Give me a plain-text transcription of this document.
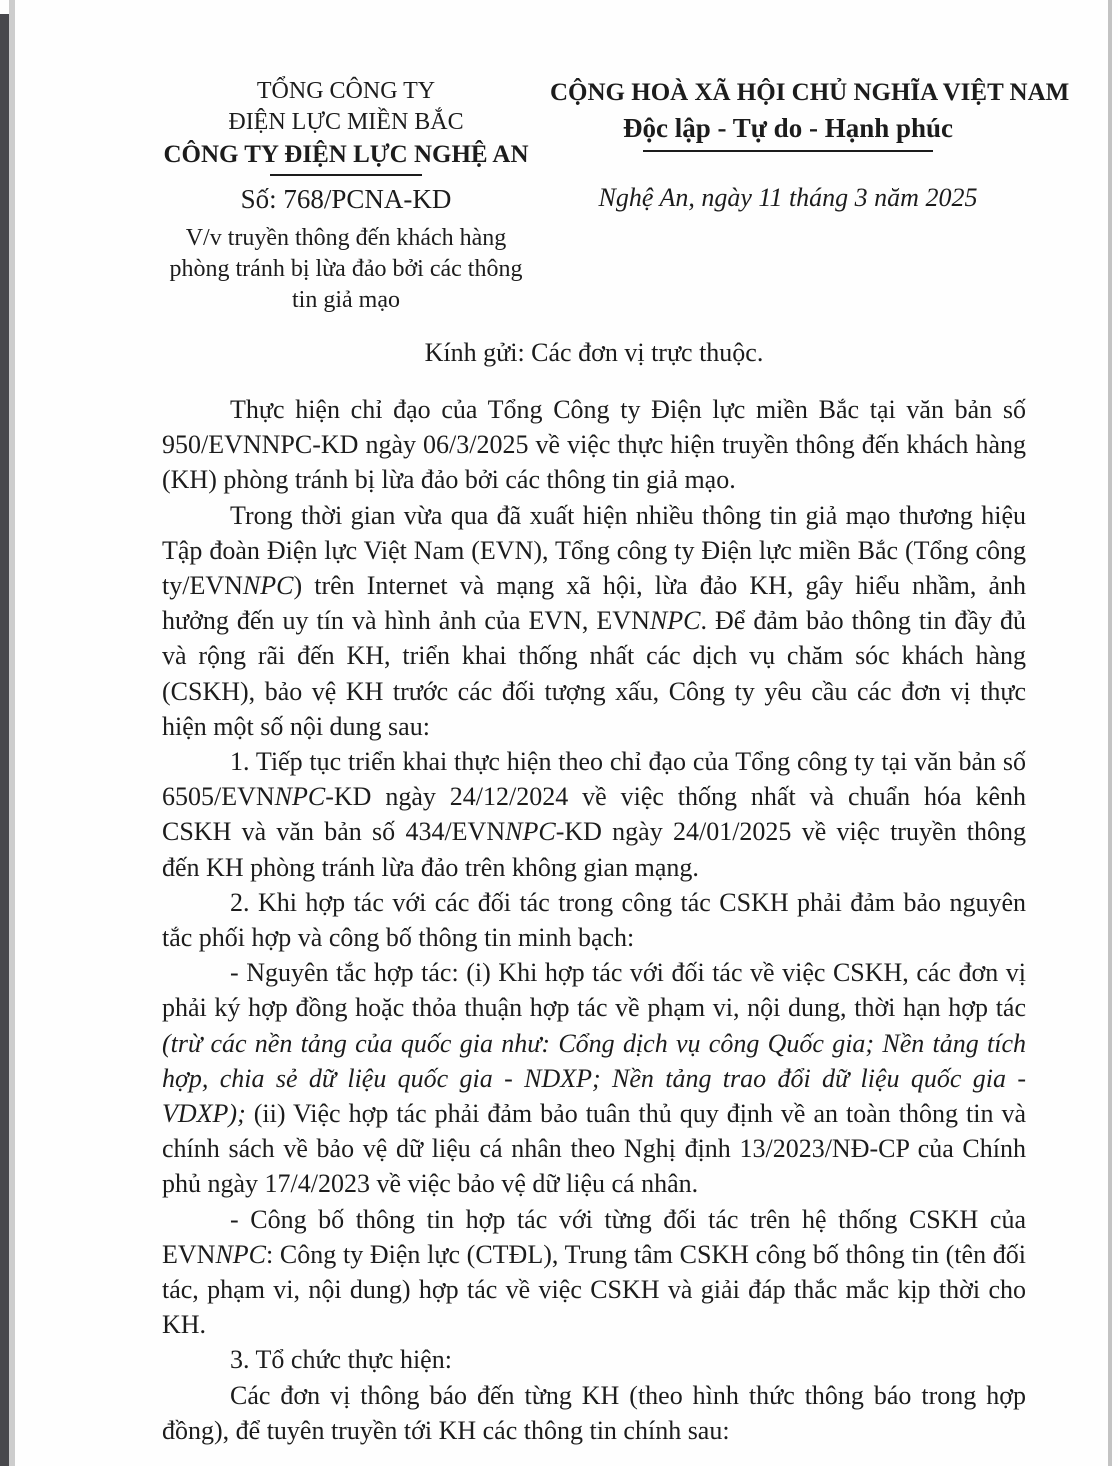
TỔNG CÔNG TY
ĐIỆN LỰC MIỀN BẮC
CÔNG TY ĐIỆN LỰC NGHỆ AN
Số: 768/PCNA-KD
V/v truyền thông đến khách hàng phòng tránh bị lừa đảo bởi các thông tin giả mạo
CỘNG HOÀ XÃ HỘI CHỦ NGHĨA VIỆT NAM
Độc lập - Tự do - Hạnh phúc
Nghệ An, ngày 11 tháng 3 năm 2025
Kính gửi: Các đơn vị trực thuộc.

Thực hiện chỉ đạo của Tổng Công ty Điện lực miền Bắc tại văn bản số 950/EVNNPC-KD ngày 06/3/2025 về việc thực hiện truyền thông đến khách hàng (KH) phòng tránh bị lừa đảo bởi các thông tin giả mạo.

Trong thời gian vừa qua đã xuất hiện nhiều thông tin giả mạo thương hiệu Tập đoàn Điện lực Việt Nam (EVN), Tổng công ty Điện lực miền Bắc (Tổng công ty/EVNNPC) trên Internet và mạng xã hội, lừa đảo KH, gây hiểu nhầm, ảnh hưởng đến uy tín và hình ảnh của EVN, EVNNPC. Để đảm bảo thông tin đầy đủ và rộng rãi đến KH, triển khai thống nhất các dịch vụ chăm sóc khách hàng (CSKH), bảo vệ KH trước các đối tượng xấu, Công ty yêu cầu các đơn vị thực hiện một số nội dung sau:

1. Tiếp tục triển khai thực hiện theo chỉ đạo của Tổng công ty tại văn bản số 6505/EVNNPC-KD ngày 24/12/2024 về việc thống nhất và chuẩn hóa kênh CSKH và văn bản số 434/EVNNPC-KD ngày 24/01/2025 về việc truyền thông đến KH phòng tránh lừa đảo trên không gian mạng.

2. Khi hợp tác với các đối tác trong công tác CSKH phải đảm bảo nguyên tắc phối hợp và công bố thông tin minh bạch:

- Nguyên tắc hợp tác: (i) Khi hợp tác với đối tác về việc CSKH, các đơn vị phải ký hợp đồng hoặc thỏa thuận hợp tác về phạm vi, nội dung, thời hạn hợp tác (trừ các nền tảng của quốc gia như: Cổng dịch vụ công Quốc gia; Nền tảng tích hợp, chia sẻ dữ liệu quốc gia - NDXP; Nền tảng trao đổi dữ liệu quốc gia - VDXP); (ii) Việc hợp tác phải đảm bảo tuân thủ quy định về an toàn thông tin và chính sách về bảo vệ dữ liệu cá nhân theo Nghị định 13/2023/NĐ-CP của Chính phủ ngày 17/4/2023 về việc bảo vệ dữ liệu cá nhân.

- Công bố thông tin hợp tác với từng đối tác trên hệ thống CSKH của EVNNPC: Công ty Điện lực (CTĐL), Trung tâm CSKH công bố thông tin (tên đối tác, phạm vi, nội dung) hợp tác về việc CSKH và giải đáp thắc mắc kịp thời cho KH.

3. Tổ chức thực hiện:

Các đơn vị thông báo đến từng KH (theo hình thức thông báo trong hợp đồng), để tuyên truyền tới KH các thông tin chính sau:
